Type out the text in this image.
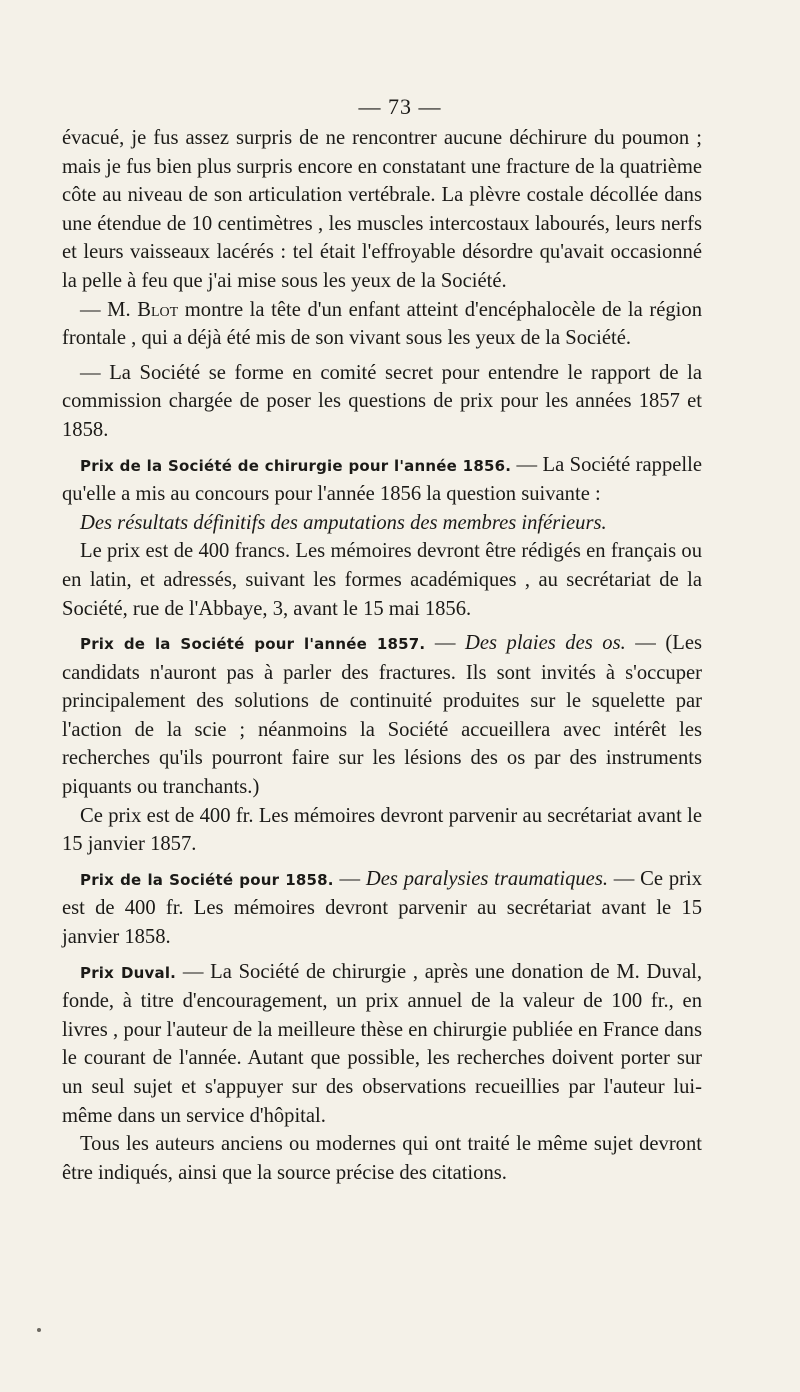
— 73 —

évacué, je fus assez surpris de ne rencontrer aucune déchirure du poumon ; mais je fus bien plus surpris encore en constatant une fracture de la quatrième côte au niveau de son articulation vertébrale. La plèvre costale décollée dans une étendue de 10 centimètres , les muscles intercostaux labourés, leurs nerfs et leurs vaisseaux lacérés : tel était l'effroyable désordre qu'avait occasionné la pelle à feu que j'ai mise sous les yeux de la Société.

— M. Blot montre la tête d'un enfant atteint d'encéphalocèle de la région frontale , qui a déjà été mis de son vivant sous les yeux de la Société.

— La Société se forme en comité secret pour entendre le rapport de la commission chargée de poser les questions de prix pour les années 1857 et 1858.

Prix de la Société de chirurgie pour l'année 1856. — La Société rappelle qu'elle a mis au concours pour l'année 1856 la question suivante :

Des résultats définitifs des amputations des membres inférieurs.

Le prix est de 400 francs. Les mémoires devront être rédigés en français ou en latin, et adressés, suivant les formes académiques , au secrétariat de la Société, rue de l'Abbaye, 3, avant le 15 mai 1856.

Prix de la Société pour l'année 1857. — Des plaies des os. — (Les candidats n'auront pas à parler des fractures. Ils sont invités à s'occuper principalement des solutions de continuité produites sur le squelette par l'action de la scie ; néanmoins la Société accueillera avec intérêt les recherches qu'ils pourront faire sur les lésions des os par des instruments piquants ou tranchants.)

Ce prix est de 400 fr. Les mémoires devront parvenir au secrétariat avant le 15 janvier 1857.

Prix de la Société pour 1858. — Des paralysies traumatiques. — Ce prix est de 400 fr. Les mémoires devront parvenir au secrétariat avant le 15 janvier 1858.

Prix Duval. — La Société de chirurgie , après une donation de M. Duval, fonde, à titre d'encouragement, un prix annuel de la valeur de 100 fr., en livres , pour l'auteur de la meilleure thèse en chirurgie publiée en France dans le courant de l'année. Autant que possible, les recherches doivent porter sur un seul sujet et s'appuyer sur des observations recueillies par l'auteur lui-même dans un service d'hôpital.

Tous les auteurs anciens ou modernes qui ont traité le même sujet devront être indiqués, ainsi que la source précise des citations.
